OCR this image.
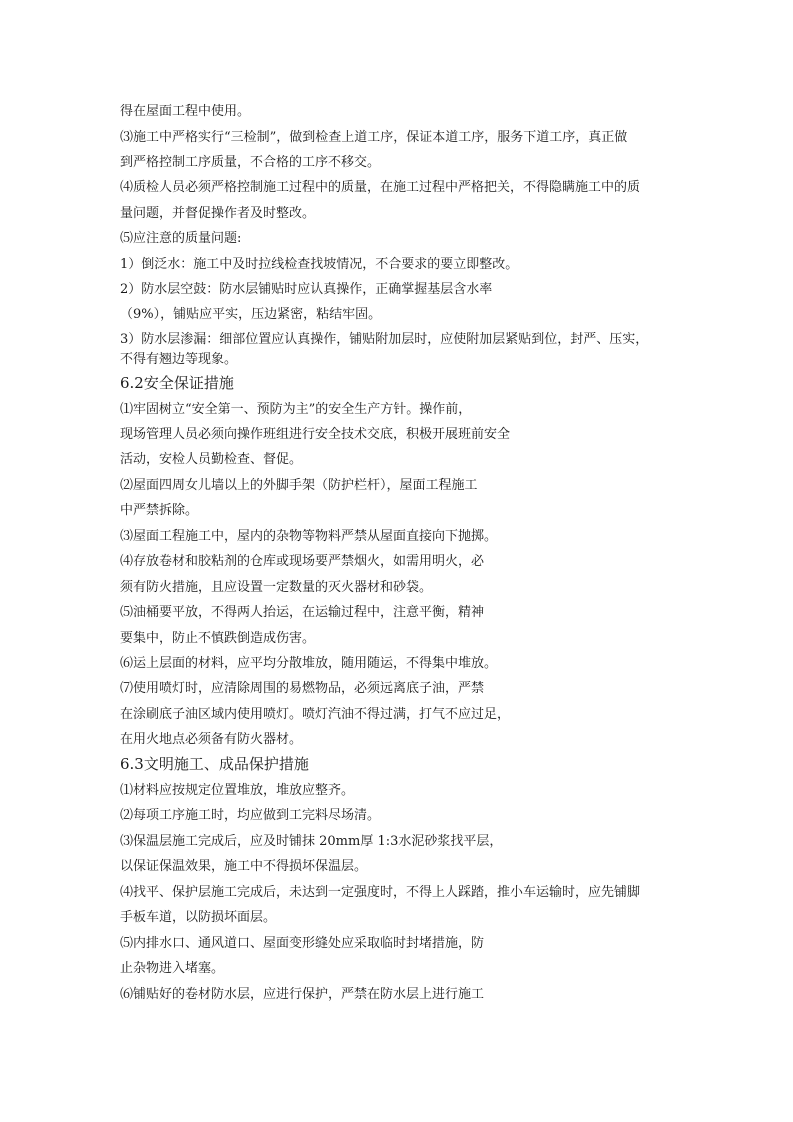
得在屋面工程中使用。
⑶施工中严格实行“三检制”，做到检查上道工序，保证本道工序，服务下道工序，真正做
到严格控制工序质量，不合格的工序不移交。
⑷质检人员必须严格控制施工过程中的质量，在施工过程中严格把关，不得隐瞒施工中的质
量问题，并督促操作者及时整改。
⑸应注意的质量问题:
1）倒泛水：施工中及时拉线检查找坡情况，不合要求的要立即整改。
2）防水层空鼓：防水层铺贴时应认真操作，正确掌握基层含水率
（9%），铺贴应平实，压边紧密，粘结牢固。
3）防水层渗漏：细部位置应认真操作，铺贴附加层时，应使附加层紧贴到位，封严、压实，
不得有翘边等现象。
6.2安全保证措施
⑴牢固树立“安全第一、预防为主”的安全生产方针。操作前，
现场管理人员必须向操作班组进行安全技术交底，积极开展班前安全
活动，安检人员勤检查、督促。
⑵屋面四周女儿墙以上的外脚手架（防护栏杆），屋面工程施工
中严禁拆除。
⑶屋面工程施工中，屋内的杂物等物料严禁从屋面直接向下抛掷。
⑷存放卷材和胶粘剂的仓库或现场要严禁烟火，如需用明火，必
须有防火措施，且应设置一定数量的灭火器材和砂袋。
⑸油桶要平放，不得两人抬运，在运输过程中，注意平衡，精神
要集中，防止不慎跌倒造成伤害。
⑹运上层面的材料，应平均分散堆放，随用随运，不得集中堆放。
⑺使用喷灯时，应清除周围的易燃物品，必须远离底子油，严禁
在涂刷底子油区域内使用喷灯。喷灯汽油不得过满，打气不应过足，
在用火地点必须备有防火器材。
6.3文明施工、成品保护措施
⑴材料应按规定位置堆放，堆放应整齐。
⑵每项工序施工时，均应做到工完料尽场清。
⑶保温层施工完成后，应及时铺抹 20mm厚 1:3水泥砂浆找平层，
以保证保温效果，施工中不得损坏保温层。
⑷找平、保护层施工完成后，未达到一定强度时，不得上人踩踏，推小车运输时，应先铺脚
手板车道，以防损坏面层。
⑸内排水口、通风道口、屋面变形缝处应采取临时封堵措施，防
止杂物进入堵塞。
⑹铺贴好的卷材防水层，应进行保护，严禁在防水层上进行施工
